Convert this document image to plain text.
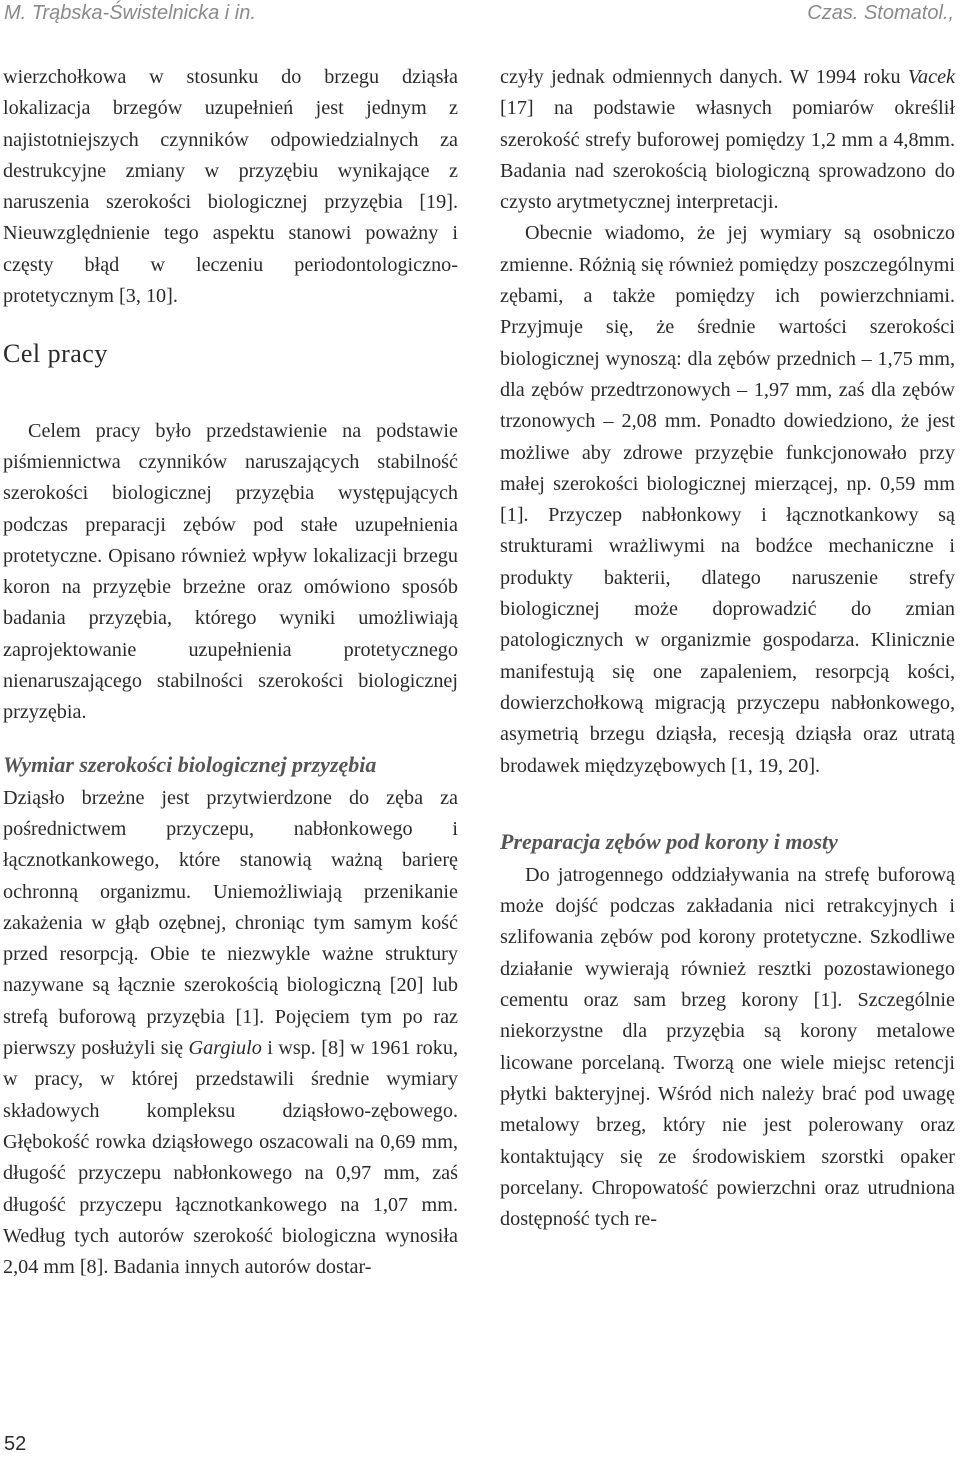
M. Trąbska-Świstelnicka i in.	Czas. Stomatol.,

wierzchołkowa w stosunku do brzegu dziąsła lokalizacja brzegów uzupełnień jest jednym z najistotniejszych czynników odpowiedzialnych za destrukcyjne zmiany w przyzębiu wynikające z naruszenia szerokości biologicznej przyzębia [19]. Nieuwzględnienie tego aspektu stanowi poważny i częsty błąd w leczeniu periodontologiczno-protetycznym [3, 10].

Cel pracy

Celem pracy było przedstawienie na podstawie piśmiennictwa czynników naruszających stabilność szerokości biologicznej przyzębia występujących podczas preparacji zębów pod stałe uzupełnienia protetyczne. Opisano również wpływ lokalizacji brzegu koron na przyzębie brzeżne oraz omówiono sposób badania przyzębia, którego wyniki umożliwiają zaprojektowanie uzupełnienia protetycznego nienaruszającego stabilności szerokości biologicznej przyzębia.

Wymiar szerokości biologicznej przyzębia

Dziąsło brzeżne jest przytwierdzone do zęba za pośrednictwem przyczepu, nabłonkowego i łącznotkankowego, które stanowią ważną barierę ochronną organizmu. Uniemożliwiają przenikanie zakażenia w głąb ozębnej, chroniąc tym samym kość przed resorpcją. Obie te niezwykle ważne struktury nazywane są łącznie szerokością biologiczną [20] lub strefą buforową przyzębia [1]. Pojęciem tym po raz pierwszy posłużyli się Gargiulo i wsp. [8] w 1961 roku, w pracy, w której przedstawili średnie wymiary składowych kompleksu dziąsłowo-zębowego. Głębokość rowka dziąsłowego oszacowali na 0,69 mm, długość przyczepu nabłonkowego na 0,97 mm, zaś długość przyczepu łącznotkankowego na 1,07 mm. Według tych autorów szerokość biologiczna wynosiła 2,04 mm [8]. Badania innych autorów dostar-

czyły jednak odmiennych danych. W 1994 roku Vacek [17] na podstawie własnych pomiarów określił szerokość strefy buforowej pomiędzy 1,2 mm a 4,8mm. Badania nad szerokością biologiczną sprowadzono do czysto arytmetycznej interpretacji.

Obecnie wiadomo, że jej wymiary są osobniczo zmienne. Różnią się również pomiędzy poszczególnymi zębami, a także pomiędzy ich powierzchniami. Przyjmuje się, że średnie wartości szerokości biologicznej wynoszą: dla zębów przednich – 1,75 mm, dla zębów przedtrzonowych – 1,97 mm, zaś dla zębów trzonowych – 2,08 mm. Ponadto dowiedziono, że jest możliwe aby zdrowe przyzębie funkcjonowało przy małej szerokości biologicznej mierzącej, np. 0,59 mm [1]. Przyczep nabłonkowy i łącznotkankowy są strukturami wrażliwymi na bodźce mechaniczne i produkty bakterii, dlatego naruszenie strefy biologicznej może doprowadzić do zmian patologicznych w organizmie gospodarza. Klinicznie manifestują się one zapaleniem, resorpcją kości, dowierzchołkową migracją przyczepu nabłonkowego, asymetrią brzegu dziąsła, recesją dziąsła oraz utratą brodawek międzyzębowych [1, 19, 20].

Preparacja zębów pod korony i mosty

Do jatrogennego oddziaływania na strefę buforową może dojść podczas zakładania nici retrakcyjnych i szlifowania zębów pod korony protetyczne. Szkodliwe działanie wywierają również resztki pozostawionego cementu oraz sam brzeg korony [1]. Szczególnie niekorzystne dla przyzębia są korony metalowe licowane porcelaną. Tworzą one wiele miejsc retencji płytki bakteryjnej. Wśród nich należy brać pod uwagę metalowy brzeg, który nie jest polerowany oraz kontaktujący się ze środowiskiem szorstki opaker porcelany. Chropowatość powierzchni oraz utrudniona dostępność tych re-

52
